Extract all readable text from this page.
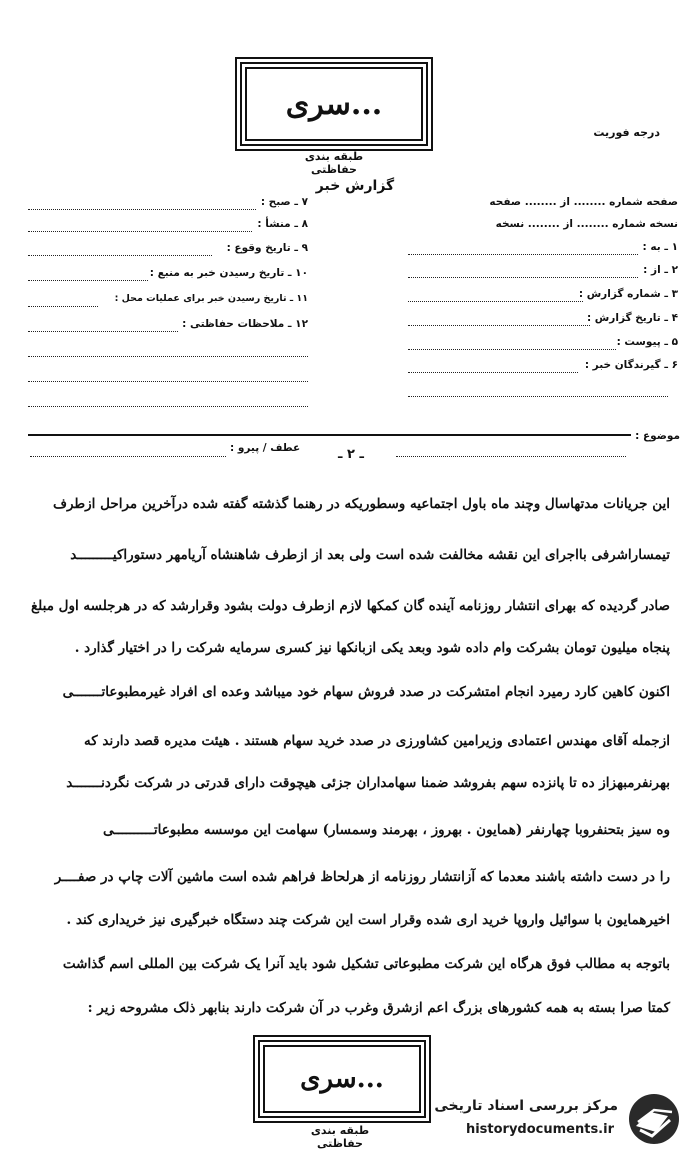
...سری
طبقه بندی حفاظتی
درجه فوریت
گزارش خبر
صفحه شماره ........ از ........ صفحه
نسخه شماره ........ از ........ نسخه
۱ ـ به :
۲ ـ از :
۳ ـ شماره گزارش :
۴ ـ تاریخ گزارش :
۵ ـ پیوست :
۶ ـ گیرندگان خبر :
۷ ـ صبح :
۸ ـ منشأ :
۹ ـ تاریخ وقوع :
۱۰ ـ تاریخ رسیدن خبر به منبع :
۱۱ ـ تاریخ رسیدن خبر برای عملیات محل :
۱۲ ـ ملاحظات حفاظتی :
موضوع :
عطف / پیرو :	ـ ۲ ـ
این جریانات مدتهاسال وچند ماه باول اجتماعیه وسطوریکه در رهنما گذشته گفته شده درآخرین مراحل ازطرف
تیمساراشرفی بااجرای این نقشه مخالفت شده است ولی بعد از ازطرف شاهنشاه آریامهر دستوراکیـــــــــد
صادر گردیده که بهرای انتشار روزنامه آینده گان کمکها لازم ازطرف دولت بشود وقرارشد که در هرجلسه اول مبلغ
پنجاه میلیون تومان بشرکت وام داده شود وبعد یکی ازبانکها نیز کسری سرمایه شرکت را در اختیار گذارد .
اکنون کاهین کارد رمیرد انجام امتشرکت در صدد فروش سهام خود میباشد وعده ای افراد غیرمطبوعاتـــــــی
ازجمله آقای مهندس اعتمادی وزیرامین کشاورزی در صدد خرید سهام هستند . هیئت مدیره قصد دارند که
بهرنفرمبهزاز ده تا پانزده سهم بفروشد ضمنا سهامداران جزئی هیچوقت دارای قدرتی در شرکت نگردنـــــــد
وه سیز بتحنفروبا چهارنفر (همایون . بهروز ، بهرمند وسمسار) سهامت این موسسه مطبوعاتــــــــــی
را در دست داشته باشند معدما که آزانتشار روزنامه از هرلحاظ فراهم شده است ماشین آلات چاپ در صفــــر
اخیرهمایون با سوائیل واروپا خرید اری شده وقرار است این شرکت چند دستگاه خبرگیری نیز خریداری کند .
باتوجه به مطالب فوق هرگاه این شرکت مطبوعاتی تشکیل شود باید آنرا یک شرکت بین المللی اسم گذاشت
کمتا صرا بسته به همه کشورهای بزرگ اعم ازشرق وغرب در آن شرکت دارند بنابهر ذلک مشروحه زیر :
...سری
طبقه بندی حفاظتی
مرکز بررسی اسناد تاریخی
historydocuments.ir
